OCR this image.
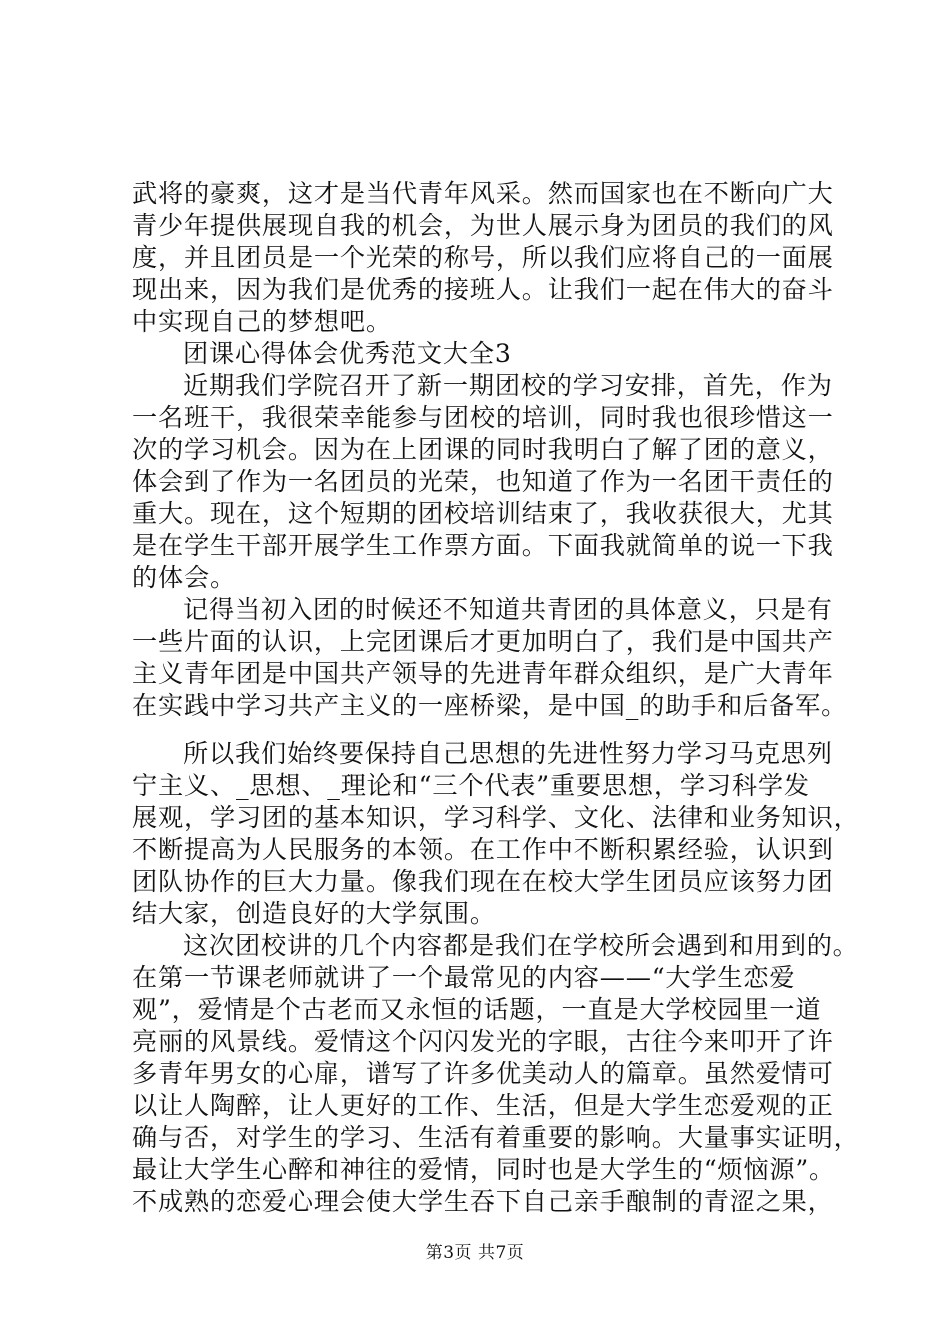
武将的豪爽，这才是当代青年风采。然而国家也在不断向广大
青少年提供展现自我的机会，为世人展示身为团员的我们的风
度，并且团员是一个光荣的称号，所以我们应将自己的一面展
现出来，因为我们是优秀的接班人。让我们一起在伟大的奋斗
中实现自己的梦想吧。
团课心得体会优秀范文大全3
近期我们学院召开了新一期团校的学习安排，首先，作为
一名班干，我很荣幸能参与团校的培训，同时我也很珍惜这一
次的学习机会。因为在上团课的同时我明白了解了团的意义，
体会到了作为一名团员的光荣，也知道了作为一名团干责任的
重大。现在，这个短期的团校培训结束了，我收获很大，尤其
是在学生干部开展学生工作票方面。下面我就简单的说一下我
的体会。
记得当初入团的时候还不知道共青团的具体意义，只是有
一些片面的认识，上完团课后才更加明白了，我们是中国共产
主义青年团是中国共产领导的先进青年群众组织，是广大青年
在实践中学习共产主义的一座桥梁，是中国_的助手和后备军。
所以我们始终要保持自己思想的先进性努力学习马克思列
宁主义、_思想、_理论和“三个代表”重要思想，学习科学发
展观，学习团的基本知识，学习科学、文化、法律和业务知识，
不断提高为人民服务的本领。在工作中不断积累经验，认识到
团队协作的巨大力量。像我们现在在校大学生团员应该努力团
结大家，创造良好的大学氛围。
这次团校讲的几个内容都是我们在学校所会遇到和用到的。
在第一节课老师就讲了一个最常见的内容——“大学生恋爱
观”，爱情是个古老而又永恒的话题，一直是大学校园里一道
亮丽的风景线。爱情这个闪闪发光的字眼，古往今来叩开了许
多青年男女的心扉，谱写了许多优美动人的篇章。虽然爱情可
以让人陶醉，让人更好的工作、生活，但是大学生恋爱观的正
确与否，对学生的学习、生活有着重要的影响。大量事实证明，
最让大学生心醉和神往的爱情，同时也是大学生的“烦恼源”。
不成熟的恋爱心理会使大学生吞下自己亲手酿制的青涩之果，
第3页 共7页
